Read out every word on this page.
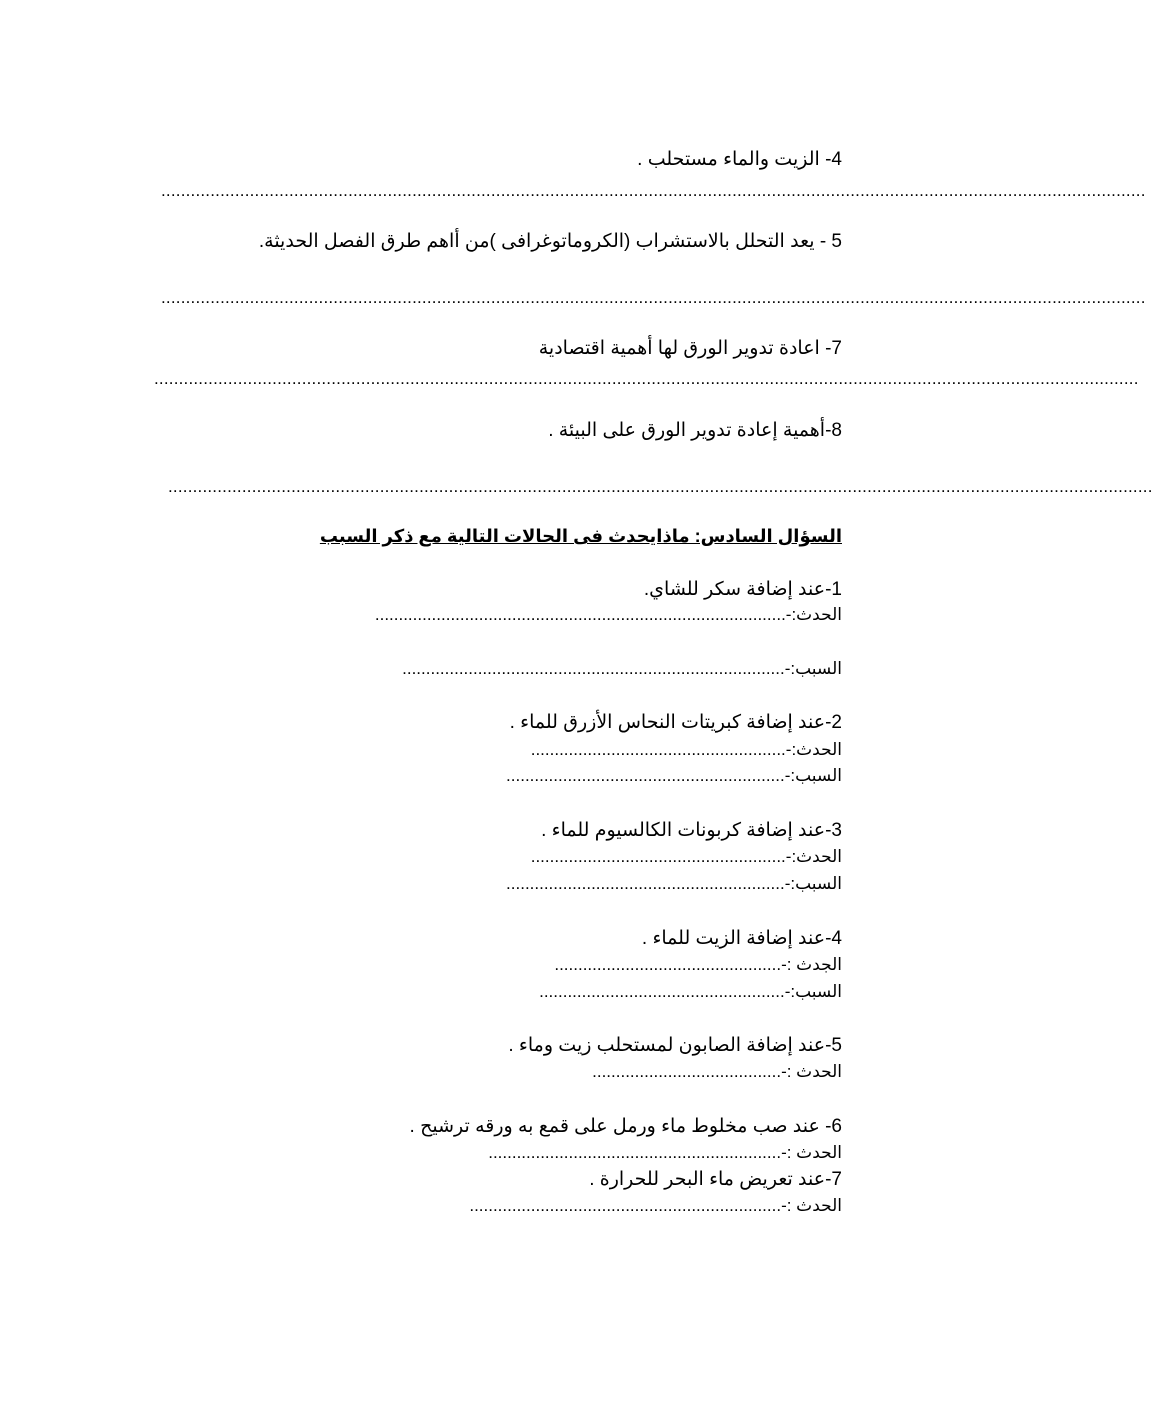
4- الزيت والماء مستحلب .
........................................................................................................................................................................................................
5 - يعد التحلل بالاستشراب (الكروماتوغرافى )من أاهم طرق الفصل الحديثة.
........................................................................................................................................................................................................
7- اعادة تدوير الورق لها أهمية اقتصادية
........................................................................................................................................................................................................
8-أهمية إعادة تدوير الورق على البيئة .
........................................................................................................................................................................................................
السؤال السادس: ماذايحدث فى الحالات التالية مع ذكر السبب
1-عند إضافة سكر للشاي.
الحدث:-.......................................................................................
السبب:-.................................................................................
2-عند إضافة كبريتات النحاس الأزرق للماء .
الحدث:-......................................................
السبب:-...........................................................
3-عند إضافة كربونات الكالسيوم للماء .
الحدث:-......................................................
السبب:-...........................................................
4-عند إضافة الزيت للماء .
الجدث :-................................................
السبب:-....................................................
5-عند إضافة الصابون لمستحلب زيت وماء .
الحدث :-........................................
6- عند صب مخلوط ماء ورمل على قمع به ورقه ترشيح .
الحدث :-..............................................................
7-عند تعريض ماء البحر للحرارة .
الحدث :-..................................................................
